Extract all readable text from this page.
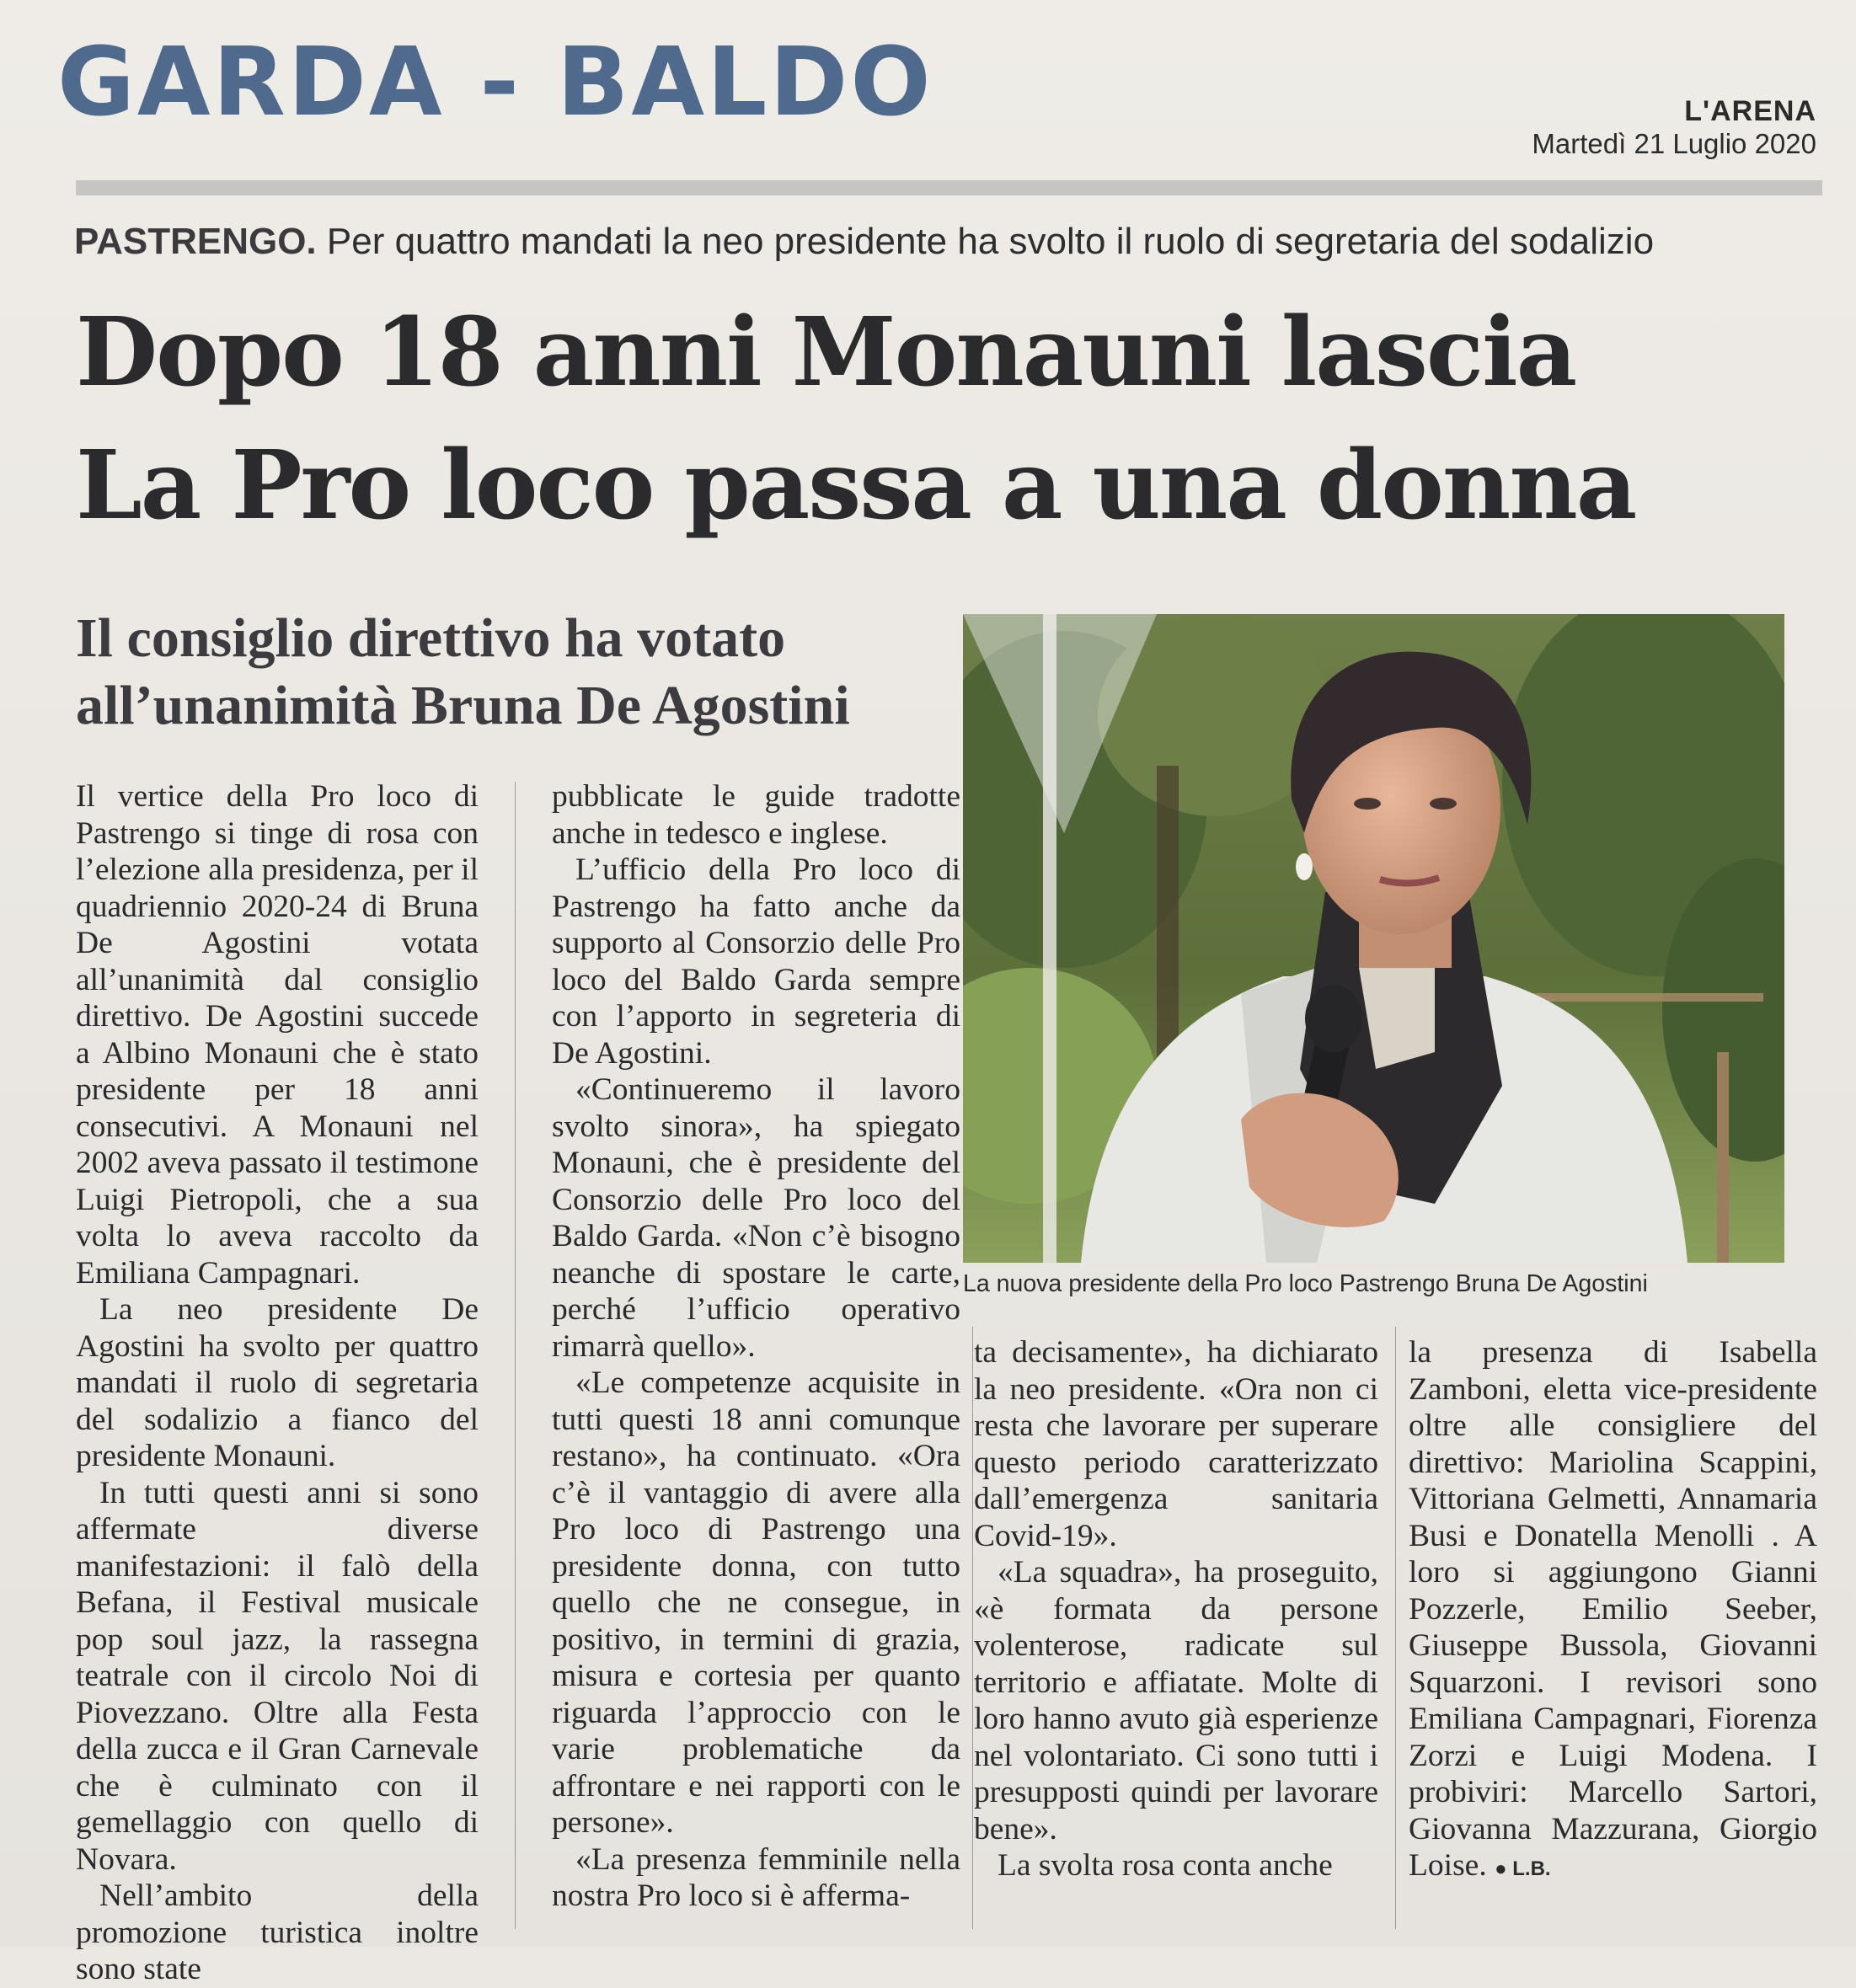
GARDA - BALDO	L'ARENA
Martedì 21 Luglio 2020

PASTRENGO. Per quattro mandati la neo presidente ha svolto il ruolo di segretaria del sodalizio

Dopo 18 anni Monauni lascia
La Pro loco passa a una donna
Il consiglio direttivo ha votato
all’unanimità Bruna De Agostini

La nuova presidente della Pro loco Pastrengo Bruna De Agostini

Il vertice della Pro loco di Pastrengo si tinge di rosa con l’elezione alla presidenza, per il quadriennio 2020-24 di Bruna De Agostini votata all’unanimità dal consiglio direttivo. De Agostini succede a Albino Monauni che è stato presidente per 18 anni consecutivi. A Monauni nel 2002 aveva passato il testimone Luigi Pietropoli, che a sua volta lo aveva raccolto da Emiliana Campagnari.

La neo presidente De Agostini ha svolto per quattro mandati il ruolo di segretaria del sodalizio a fianco del presidente Monauni.

In tutti questi anni si sono affermate diverse manifestazioni: il falò della Befana, il Festival musicale pop soul jazz, la rassegna teatrale con il circolo Noi di Piovezzano. Oltre alla Festa della zucca e il Gran Carnevale che è culminato con il gemellaggio con quello di Novara.

Nell’ambito della promozione turistica inoltre sono state

pubblicate le guide tradotte anche in tedesco e inglese.

L’ufficio della Pro loco di Pastrengo ha fatto anche da supporto al Consorzio delle Pro loco del Baldo Garda sempre con l’apporto in segreteria di De Agostini.

«Continueremo il lavoro svolto sinora», ha spiegato Monauni, che è presidente del Consorzio delle Pro loco del Baldo Garda. «Non c’è bisogno neanche di spostare le carte, perché l’ufficio operativo rimarrà quello».

«Le competenze acquisite in tutti questi 18 anni comunque restano», ha continuato. «Ora c’è il vantaggio di avere alla Pro loco di Pastrengo una presidente donna, con tutto quello che ne consegue, in positivo, in termini di grazia, misura e cortesia per quanto riguarda l’approccio con le varie problematiche da affrontare e nei rapporti con le persone».

«La presenza femminile nella nostra Pro loco si è afferma-

ta decisamente», ha dichiarato la neo presidente. «Ora non ci resta che lavorare per superare questo periodo caratterizzato dall’emergenza sanitaria Covid-19».

«La squadra», ha proseguito, «è formata da persone volenterose, radicate sul territorio e affiatate. Molte di loro hanno avuto già esperienze nel volontariato. Ci sono tutti i presupposti quindi per lavorare bene».

La svolta rosa conta anche

la presenza di Isabella Zamboni, eletta vice-presidente oltre alle consigliere del direttivo: Mariolina Scappini, Vittoriana Gelmetti, Annamaria Busi e Donatella Menolli . A loro si aggiungono Gianni Pozzerle, Emilio Seeber, Giuseppe Bussola, Giovanni Squarzoni. I revisori sono Emiliana Campagnari, Fiorenza Zorzi e Luigi Modena. I probiviri: Marcello Sartori, Giovanna Mazzurana, Giorgio Loise. ● L.B.
